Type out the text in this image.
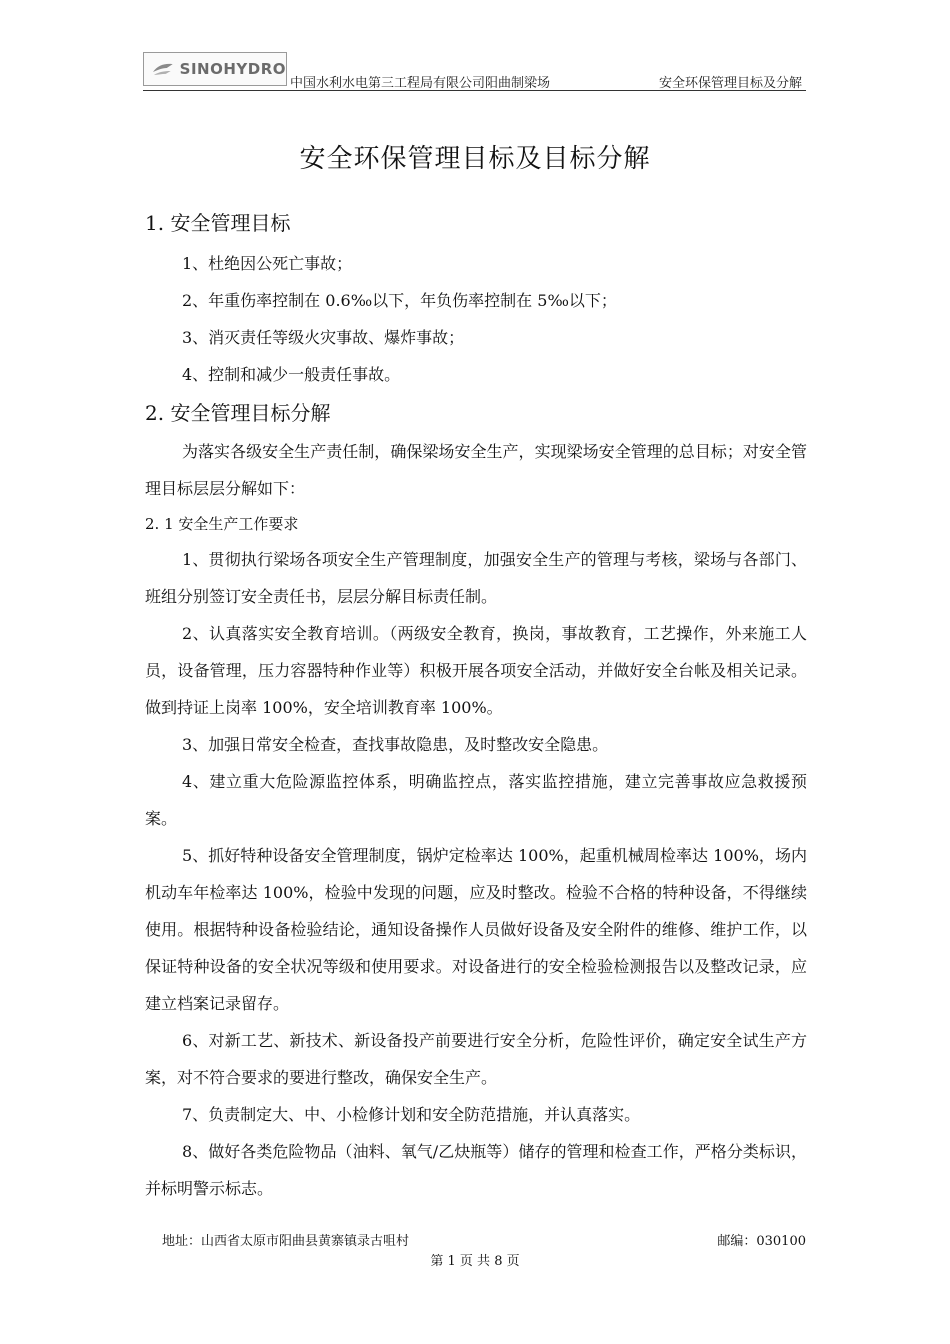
SINOHYDRO
中国水利水电第三工程局有限公司阳曲制梁场	安全环保管理目标及分解
安全环保管理目标及目标分解

1. 安全管理目标

1、杜绝因公死亡事故；

2、年重伤率控制在 0.6‰以下，年负伤率控制在 5‰以下；

3、消灭责任等级火灾事故、爆炸事故；

4、控制和减少一般责任事故。

2. 安全管理目标分解

为落实各级安全生产责任制，确保梁场安全生产，实现梁场安全管理的总目标；对安全管理目标层层分解如下：

2. 1 安全生产工作要求

1、贯彻执行梁场各项安全生产管理制度，加强安全生产的管理与考核，梁场与各部门、班组分别签订安全责任书，层层分解目标责任制。

2、认真落实安全教育培训。（两级安全教育，换岗，事故教育，工艺操作，外来施工人员，设备管理，压力容器特种作业等）积极开展各项安全活动，并做好安全台帐及相关记录。做到持证上岗率 100%，安全培训教育率 100%。

3、加强日常安全检查，查找事故隐患，及时整改安全隐患。

4、建立重大危险源监控体系，明确监控点，落实监控措施，建立完善事故应急救援预案。

5、抓好特种设备安全管理制度，锅炉定检率达 100%，起重机械周检率达 100%，场内机动车年检率达 100%，检验中发现的问题，应及时整改。检验不合格的特种设备，不得继续使用。根据特种设备检验结论，通知设备操作人员做好设备及安全附件的维修、维护工作，以保证特种设备的安全状况等级和使用要求。对设备进行的安全检验检测报告以及整改记录，应建立档案记录留存。

6、对新工艺、新技术、新设备投产前要进行安全分析，危险性评价，确定安全试生产方案，对不符合要求的要进行整改，确保安全生产。

7、负责制定大、中、小检修计划和安全防范措施，并认真落实。

8、做好各类危险物品（油料、氧气/乙炔瓶等）储存的管理和检查工作，严格分类标识，并标明警示标志。

地址：山西省太原市阳曲县黄寨镇录古咀村	邮编：030100
第 1 页 共 8 页
